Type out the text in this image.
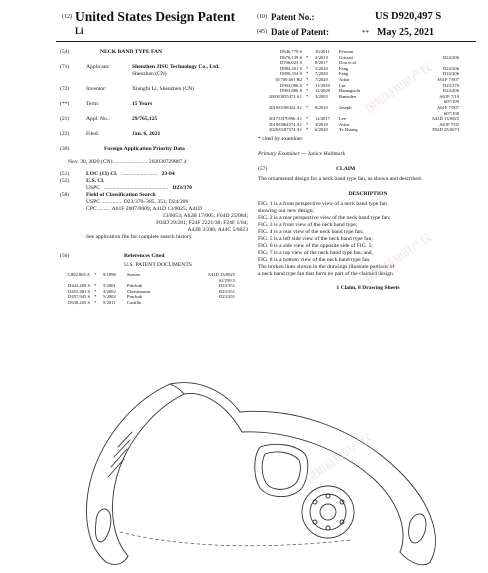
(12) United States Design Patent
Li
(10) Patent No.:	US D920,497 S
(45) Date of Patent:	** May 25, 2021
(54)	NECK BAND TYPE FAN
(71)	Applicant:	Shenzhen JISU Technology Co., Ltd.
Shenzhen (CN)
(72)	Inventor:	Xiangfu Li, Shenzhen (CN)
(**)	Term:	15 Years
(21)	Appl. No.:	29/765,125
(22)	Filed:	Jan. 6, 2021
(30)	Foreign Application Priority Data
Nov. 30, 2020 (CN) ........................ 202030729887.4
(51)	LOC (13) Cl. .......................... 23-04
(52)	U.S. Cl.
USPC .............................................. D23/370
(58)	Field of Classification Search
USPC ............... D23/370–385, 351; D24/206
CPC ......... A61F 2007/0009; A41D 13/0025; A41D
13/0053; A62B 17/005; F04D 25/084;
F04D 29/281; F24F 2221/38; F24F 1/04;
A42B 3/286; A44C 5/0023
See application file for complete search history.
(56)	References Cited
U.S. PATENT DOCUMENTS
5,802,865 A *	9/1998	Strauss	A41D 13/0025
62/259.3
D442,269 S *	5/2001	Pinchuk	D23/351
D455,481 S *	4/2002	Christianson	D23/351
D457,945 S *	5/2002	Pinchuk	D23/351
D638,205 S *	5/2011	Castillo
D646,779 S	10/2011	Persson
D676,139 S *	2/2013	Gritzati	D24/206
D706,023 S	8/2017	Dou et al.
D884,201 S *	5/2020	Fang	D24/206
D890,354 S *	7/2020	Fang	D24/206
10,709,601 B2 *	7/2020	Adair	A61F 7/007
D903,086 S *	11/2020	Lin	D23/370
D903,886 S *	12/2020	Hamaguchi	D24/206
2003/0055473 A1 *	3/2003	Ramsden	A61F 7/10
607/109
2010/0198322 A1 *	8/2010	Joseph	A61F 7/007
607/108
2017/0370596 A1 *	12/2017	Lee	A41D 13/0025
2018/0064574 A1 *	3/2018	Adair	A61F 7/02
2020/0187574 A1 *	6/2020	Te Hsiang	F04D 25/0673
* cited by examiner
Primary Examiner — Janice Hallmark
(57)	CLAIM
The ornamental design for a neck band type fan, as shown and described.
DESCRIPTION
FIG. 1 is a front perspective view of a neck band type fan
showing our new design;
FIG. 2 is a rear perspective view of the neck band type fan;
FIG. 3 is a front view of the neck band type;
FIG. 4 is a rear view of the neck band type fan;
FIG. 5 is a left side view of the neck band type fan;
FIG. 6 is a side view of the opposite side of FIG. 5;
FIG. 7 is a top view of the neck band type fan; and,
FIG. 8 is a bottom view of the neck band type fan.
The broken lines shown in the drawings illustrate portions of
a neck band type fan that form no part of the claimed design.
1 Claim, 8 Drawing Sheets
国知局知识产权
国知局知识产权
国知局知识产权
